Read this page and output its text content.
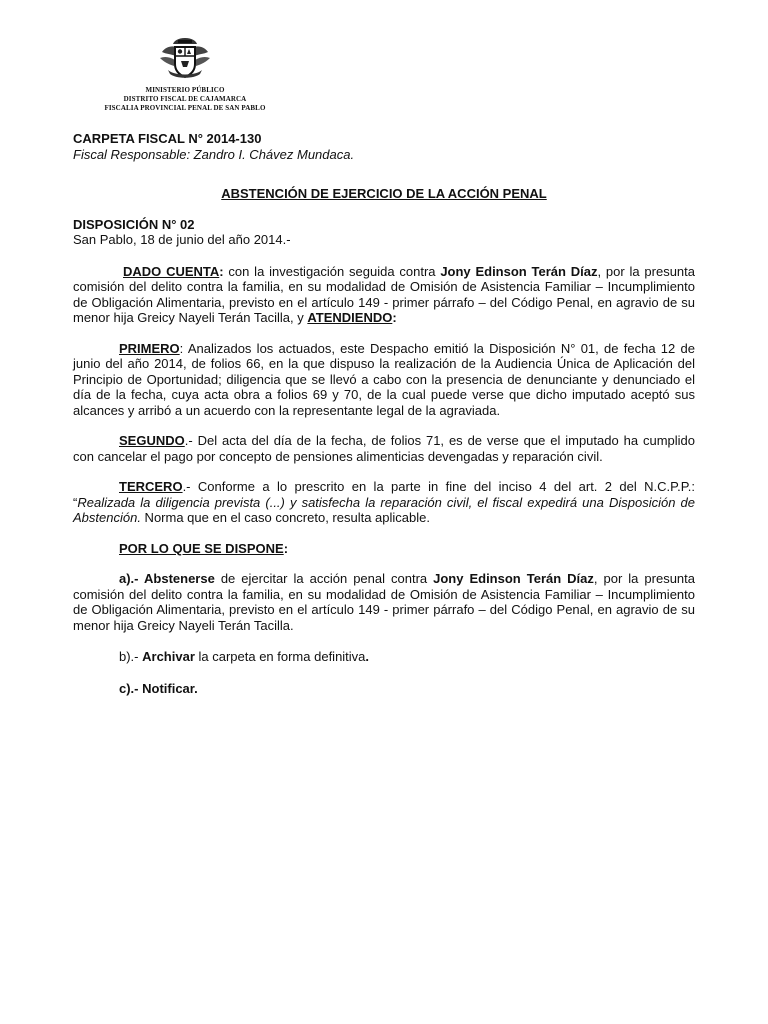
MINISTERIO PÚBLICO
DISTRITO FISCAL DE CAJAMARCA
FISCALIA PROVINCIAL PENAL DE SAN PABLO
CARPETA FISCAL N° 2014-130
Fiscal Responsable: Zandro I. Chávez Mundaca.
ABSTENCIÓN DE EJERCICIO DE LA ACCIÓN PENAL
DISPOSICIÓN N° 02
San Pablo, 18 de junio del año 2014.-

DADO CUENTA: con la investigación seguida contra Jony Edinson Terán Díaz, por la presunta comisión del delito contra la familia, en su modalidad de Omisión de Asistencia Familiar – Incumplimiento de Obligación Alimentaria, previsto en el artículo 149 - primer párrafo – del Código Penal, en agravio de su menor hija Greicy Nayeli Terán Tacilla, y ATENDIENDO:

PRIMERO: Analizados los actuados, este Despacho emitió la Disposición N° 01, de fecha 12 de junio del año 2014, de folios 66, en la que dispuso la realización de la Audiencia Única de Aplicación del Principio de Oportunidad; diligencia que se llevó a cabo con la presencia de denunciante y denunciado el día de la fecha, cuya acta obra a folios 69 y 70, de la cual puede verse que dicho imputado aceptó sus alcances y arribó a un acuerdo con la representante legal de la agraviada.

SEGUNDO.- Del acta del día de la fecha, de folios 71, es de verse que el imputado ha cumplido con cancelar el pago por concepto de pensiones alimenticias devengadas y reparación civil.

TERCERO.- Conforme a lo prescrito en la parte in fine del inciso 4 del art. 2 del N.C.P.P.: “Realizada la diligencia prevista (...) y satisfecha la reparación civil, el fiscal expedirá una Disposición de Abstención. Norma que en el caso concreto, resulta aplicable.

POR LO QUE SE DISPONE:

a).- Abstenerse de ejercitar la acción penal contra Jony Edinson Terán Díaz, por la presunta comisión del delito contra la familia, en su modalidad de Omisión de Asistencia Familiar – Incumplimiento de Obligación Alimentaria, previsto en el artículo 149 - primer párrafo – del Código Penal, en agravio de su menor hija Greicy Nayeli Terán Tacilla.

b).- Archivar la carpeta en forma definitiva.

c).- Notificar.
